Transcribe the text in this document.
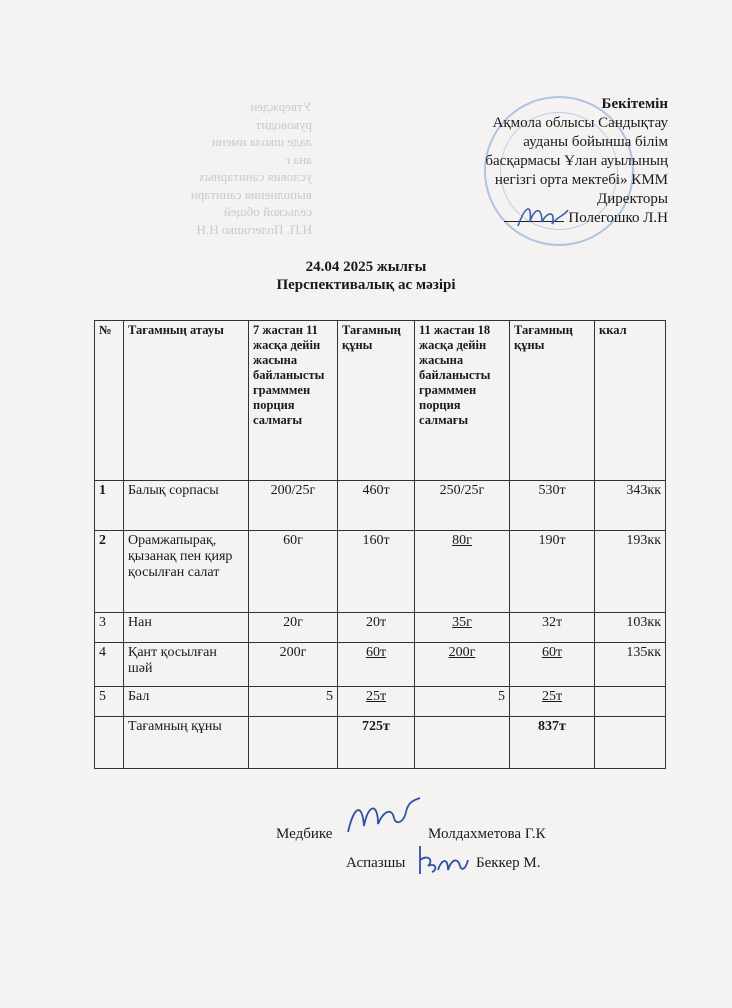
Утвержден
руководит
ладе школа имени
ана г
условия санитарных
выполнения санитарн
сельской общей
Н.П. Полегошко Н.Н
Бекітемін
Ақмола облысы Сандықтау
ауданы бойынша білім
басқармасы Ұлан ауылының
негізгі орта мектебі» КММ
Директоры
Полегошко Л.Н
24.04 2025 жылғы
Перспективалық ас мәзірі
№	Тағамның атауы	7 жастан 11 жасқа дейін жасына байланысты грамммен порция салмағы	Тағамның құны	11 жастан 18 жасқа дейін жасына байланысты грамммен порция салмағы	Тағамның құны	ккал
1	Балық сорпасы	200/25г	460т	250/25г	530т	343кк
2	Орамжапырақ, қызанақ пен қияр қосылған салат	60г	160т	80г	190т	193кк
3	Нан	20г	20т	35г	32т	103кк
4	Қант қосылған шәй	200г	60т	200г	60т	135кк
5	Бал	5	25т	5	25т	
	Тағамның құны		725т		837т	
Медбике	Молдахметова Г.К
Аспазшы	Беккер М.
